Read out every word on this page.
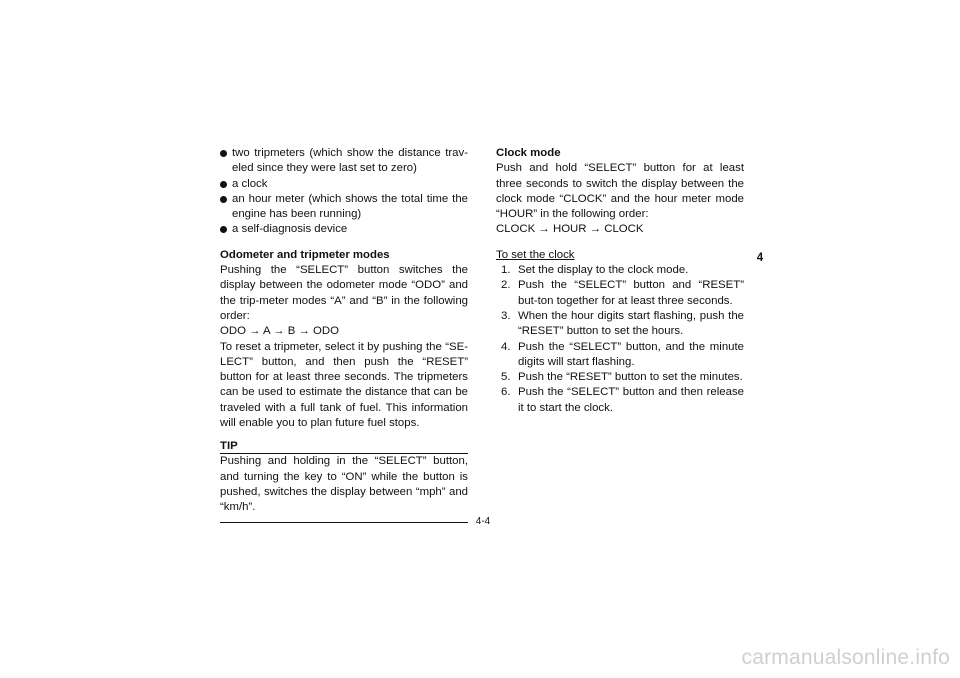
two tripmeters (which show the distance trav-eled since they were last set to zero)
a clock
an hour meter (which shows the total time the engine has been running)
a self-diagnosis device

Odometer and tripmeter modes

Pushing the “SELECT” button switches the display between the odometer mode “ODO” and the trip-meter modes “A” and “B” in the following order:

ODO → A → B → ODO

To reset a tripmeter, select it by pushing the “SE-LECT” button, and then push the “RESET” button for at least three seconds. The tripmeters can be used to estimate the distance that can be traveled with a full tank of fuel. This information will enable you to plan future fuel stops.

TIP

Pushing and holding in the “SELECT” button, and turning the key to “ON” while the button is pushed, switches the display between “mph” and “km/h”.

Clock mode

Push and hold “SELECT” button for at least three seconds to switch the display between the clock mode “CLOCK” and the hour meter mode “HOUR” in the following order:

CLOCK → HOUR → CLOCK

To set the clock

1. Set the display to the clock mode.
2. Push the “SELECT” button and “RESET” but-ton together for at least three seconds.
3. When the hour digits start flashing, push the “RESET” button to set the hours.
4. Push the “SELECT” button, and the minute digits will start flashing.
5. Push the “RESET” button to set the minutes.
6. Push the “SELECT” button and then release it to start the clock.
4
4-4
carmanualsonline.info
